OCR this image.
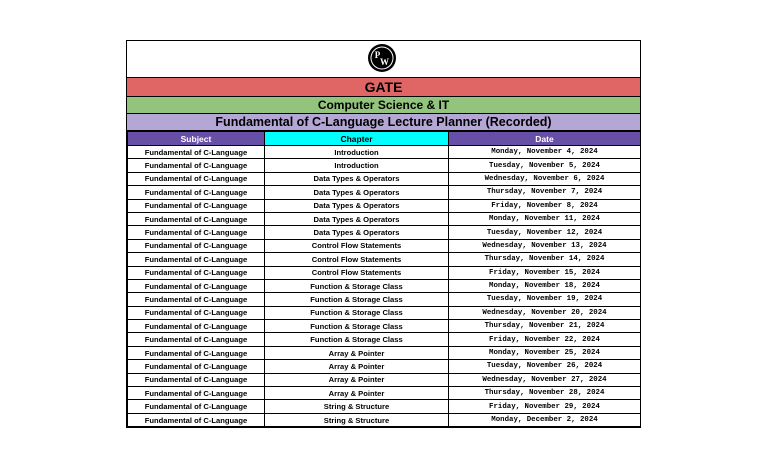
P
W
GATE
Computer Science & IT
Fundamental of C-Language Lecture Planner (Recorded)
Subject	Chapter	Date
Fundamental of C-Language	Introduction	Monday, November 4, 2024
Fundamental of C-Language	Introduction	Tuesday, November 5, 2024
Fundamental of C-Language	Data Types & Operators	Wednesday, November 6, 2024
Fundamental of C-Language	Data Types & Operators	Thursday, November 7, 2024
Fundamental of C-Language	Data Types & Operators	Friday, November 8, 2024
Fundamental of C-Language	Data Types & Operators	Monday, November 11, 2024
Fundamental of C-Language	Data Types & Operators	Tuesday, November 12, 2024
Fundamental of C-Language	Control Flow Statements	Wednesday, November 13, 2024
Fundamental of C-Language	Control Flow Statements	Thursday, November 14, 2024
Fundamental of C-Language	Control Flow Statements	Friday, November 15, 2024
Fundamental of C-Language	Function & Storage Class	Monday, November 18, 2024
Fundamental of C-Language	Function & Storage Class	Tuesday, November 19, 2024
Fundamental of C-Language	Function & Storage Class	Wednesday, November 20, 2024
Fundamental of C-Language	Function & Storage Class	Thursday, November 21, 2024
Fundamental of C-Language	Function & Storage Class	Friday, November 22, 2024
Fundamental of C-Language	Array & Pointer	Monday, November 25, 2024
Fundamental of C-Language	Array & Pointer	Tuesday, November 26, 2024
Fundamental of C-Language	Array & Pointer	Wednesday, November 27, 2024
Fundamental of C-Language	Array & Pointer	Thursday, November 28, 2024
Fundamental of C-Language	String & Structure	Friday, November 29, 2024
Fundamental of C-Language	String & Structure	Monday, December 2, 2024
